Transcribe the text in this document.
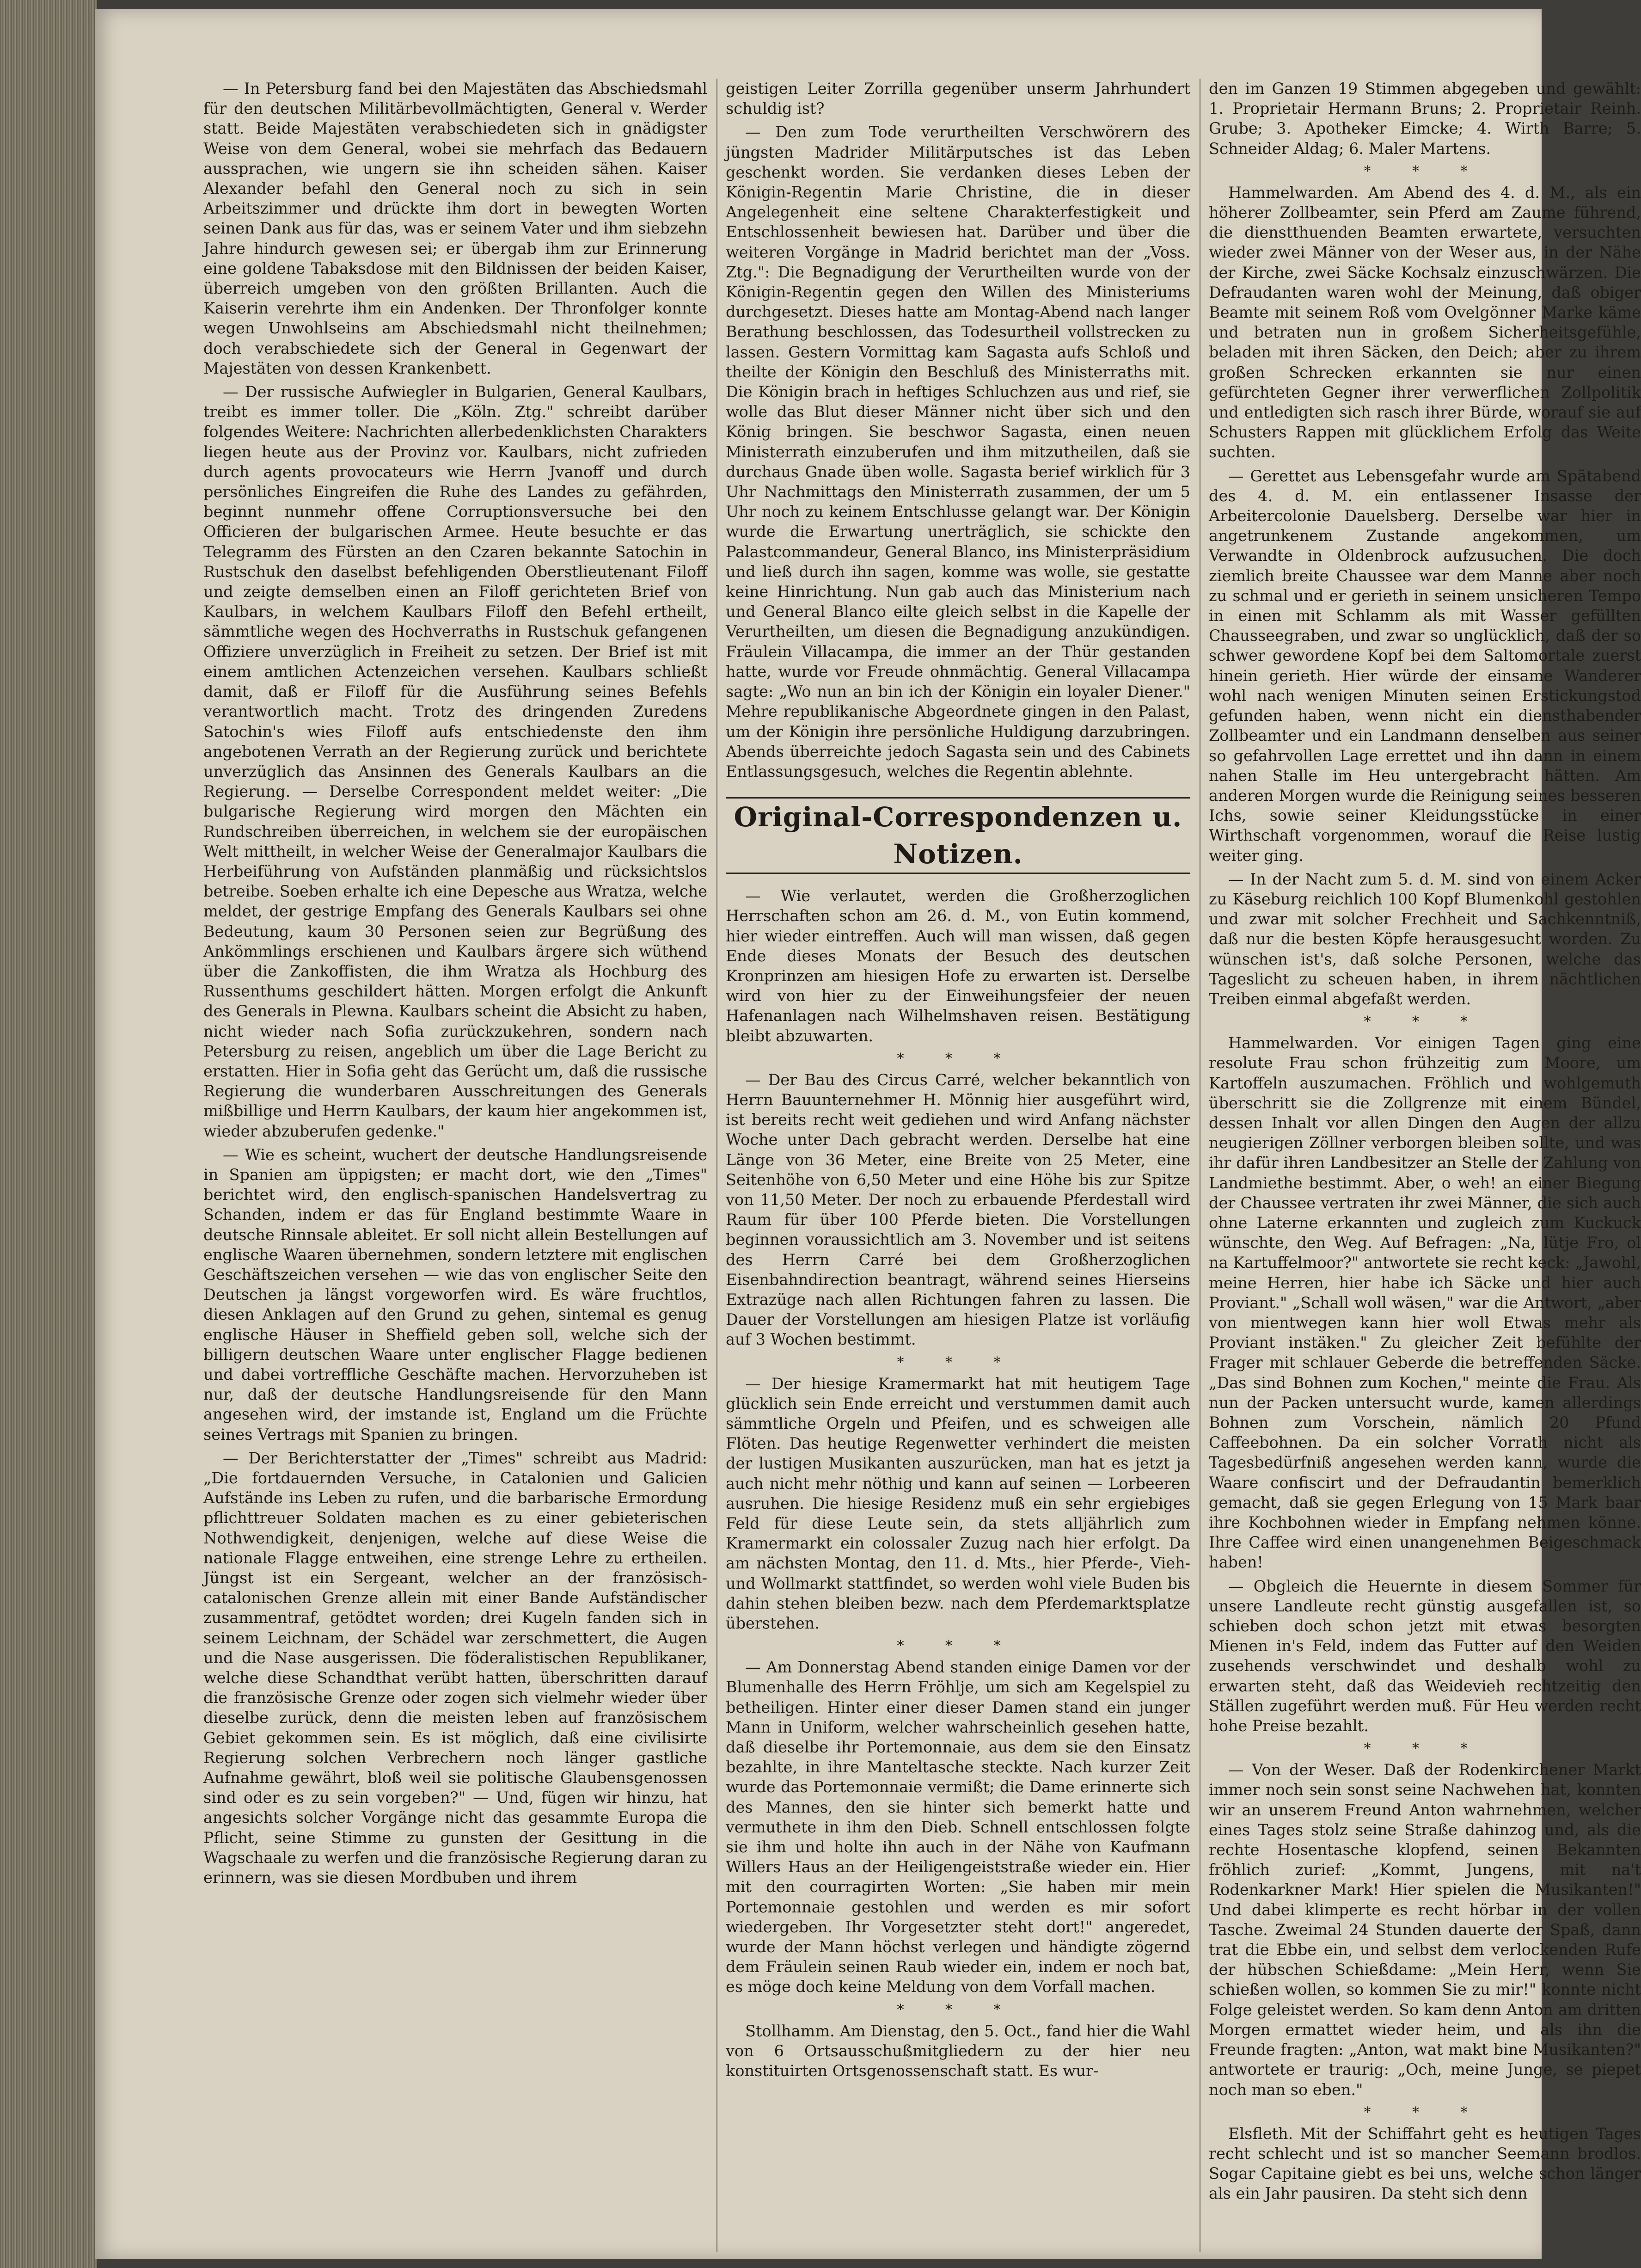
— In Petersburg fand bei den Majestäten das Abschiedsmahl für den deutschen Militärbevollmächtigten, General v. Werder statt. Beide Majestäten verabschiedeten sich in gnädigster Weise von dem General, wobei sie mehrfach das Bedauern aussprachen, wie ungern sie ihn scheiden sähen. Kaiser Alexander befahl den General noch zu sich in sein Arbeitszimmer und drückte ihm dort in bewegten Worten seinen Dank aus für das, was er seinem Vater und ihm siebzehn Jahre hindurch gewesen sei; er übergab ihm zur Erinnerung eine goldene Tabaksdose mit den Bildnissen der beiden Kaiser, überreich umgeben von den größten Brillanten. Auch die Kaiserin verehrte ihm ein Andenken. Der Thronfolger konnte wegen Unwohlseins am Abschiedsmahl nicht theilnehmen; doch verabschiedete sich der General in Gegenwart der Majestäten von dessen Krankenbett.

— Der russische Aufwiegler in Bulgarien, General Kaulbars, treibt es immer toller. Die „Köln. Ztg." schreibt darüber folgendes Weitere: Nachrichten allerbedenklichsten Charakters liegen heute aus der Provinz vor. Kaulbars, nicht zufrieden durch agents provocateurs wie Herrn Jvanoff und durch persönliches Eingreifen die Ruhe des Landes zu gefährden, beginnt nunmehr offene Corruptionsversuche bei den Officieren der bulgarischen Armee. Heute besuchte er das Telegramm des Fürsten an den Czaren bekannte Satochin in Rustschuk den daselbst befehligenden Oberstlieutenant Filoff und zeigte demselben einen an Filoff gerichteten Brief von Kaulbars, in welchem Kaulbars Filoff den Befehl ertheilt, sämmtliche wegen des Hochverraths in Rustschuk gefangenen Offiziere unverzüglich in Freiheit zu setzen. Der Brief ist mit einem amtlichen Actenzeichen versehen. Kaulbars schließt damit, daß er Filoff für die Ausführung seines Befehls verantwortlich macht. Trotz des dringenden Zuredens Satochin's wies Filoff aufs entschiedenste den ihm angebotenen Verrath an der Regierung zurück und berichtete unverzüglich das Ansinnen des Generals Kaulbars an die Regierung. — Derselbe Correspondent meldet weiter: „Die bulgarische Regierung wird morgen den Mächten ein Rundschreiben überreichen, in welchem sie der europäischen Welt mittheilt, in welcher Weise der Generalmajor Kaulbars die Herbeiführung von Aufständen planmäßig und rücksichtslos betreibe. Soeben erhalte ich eine Depesche aus Wratza, welche meldet, der gestrige Empfang des Generals Kaulbars sei ohne Bedeutung, kaum 30 Personen seien zur Begrüßung des Ankömmlings erschienen und Kaulbars ärgere sich wüthend über die Zankoffisten, die ihm Wratza als Hochburg des Russenthums geschildert hätten. Morgen erfolgt die Ankunft des Generals in Plewna. Kaulbars scheint die Absicht zu haben, nicht wieder nach Sofia zurückzukehren, sondern nach Petersburg zu reisen, angeblich um über die Lage Bericht zu erstatten. Hier in Sofia geht das Gerücht um, daß die russische Regierung die wunderbaren Ausschreitungen des Generals mißbillige und Herrn Kaulbars, der kaum hier angekommen ist, wieder abzuberufen gedenke."

— Wie es scheint, wuchert der deutsche Handlungsreisende in Spanien am üppigsten; er macht dort, wie den „Times" berichtet wird, den englisch-spanischen Handelsvertrag zu Schanden, indem er das für England bestimmte Waare in deutsche Rinnsale ableitet. Er soll nicht allein Bestellungen auf englische Waaren übernehmen, sondern letztere mit englischen Geschäftszeichen versehen — wie das von englischer Seite den Deutschen ja längst vorgeworfen wird. Es wäre fruchtlos, diesen Anklagen auf den Grund zu gehen, sintemal es genug englische Häuser in Sheffield geben soll, welche sich der billigern deutschen Waare unter englischer Flagge bedienen und dabei vortreffliche Geschäfte machen. Hervorzuheben ist nur, daß der deutsche Handlungsreisende für den Mann angesehen wird, der imstande ist, England um die Früchte seines Vertrags mit Spanien zu bringen.

— Der Berichterstatter der „Times" schreibt aus Madrid: „Die fortdauernden Versuche, in Catalonien und Galicien Aufstände ins Leben zu rufen, und die barbarische Ermordung pflichttreuer Soldaten machen es zu einer gebieterischen Nothwendigkeit, denjenigen, welche auf diese Weise die nationale Flagge entweihen, eine strenge Lehre zu ertheilen. Jüngst ist ein Sergeant, welcher an der französisch-catalonischen Grenze allein mit einer Bande Aufständischer zusammentraf, getödtet worden; drei Kugeln fanden sich in seinem Leichnam, der Schädel war zerschmettert, die Augen und die Nase ausgerissen. Die föderalistischen Republikaner, welche diese Schandthat verübt hatten, überschritten darauf die französische Grenze oder zogen sich vielmehr wieder über dieselbe zurück, denn die meisten leben auf französischem Gebiet gekommen sein. Es ist möglich, daß eine civilisirte Regierung solchen Verbrechern noch länger gastliche Aufnahme gewährt, bloß weil sie politische Glaubensgenossen sind oder es zu sein vorgeben?" — Und, fügen wir hinzu, hat angesichts solcher Vorgänge nicht das gesammte Europa die Pflicht, seine Stimme zu gunsten der Gesittung in die Wagschaale zu werfen und die französische Regierung daran zu erinnern, was sie diesen Mordbuben und ihrem

geistigen Leiter Zorrilla gegenüber unserm Jahrhundert schuldig ist?

— Den zum Tode verurtheilten Verschwörern des jüngsten Madrider Militärputsches ist das Leben geschenkt worden. Sie verdanken dieses Leben der Königin-Regentin Marie Christine, die in dieser Angelegenheit eine seltene Charakterfestigkeit und Entschlossenheit bewiesen hat. Darüber und über die weiteren Vorgänge in Madrid berichtet man der „Voss. Ztg.": Die Begnadigung der Verurtheilten wurde von der Königin-Regentin gegen den Willen des Ministeriums durchgesetzt. Dieses hatte am Montag-Abend nach langer Berathung beschlossen, das Todesurtheil vollstrecken zu lassen. Gestern Vormittag kam Sagasta aufs Schloß und theilte der Königin den Beschluß des Ministerraths mit. Die Königin brach in heftiges Schluchzen aus und rief, sie wolle das Blut dieser Männer nicht über sich und den König bringen. Sie beschwor Sagasta, einen neuen Ministerrath einzuberufen und ihm mitzutheilen, daß sie durchaus Gnade üben wolle. Sagasta berief wirklich für 3 Uhr Nachmittags den Ministerrath zusammen, der um 5 Uhr noch zu keinem Entschlusse gelangt war. Der Königin wurde die Erwartung unerträglich, sie schickte den Palastcommandeur, General Blanco, ins Ministerpräsidium und ließ durch ihn sagen, komme was wolle, sie gestatte keine Hinrichtung. Nun gab auch das Ministerium nach und General Blanco eilte gleich selbst in die Kapelle der Verurtheilten, um diesen die Begnadigung anzukündigen. Fräulein Villacampa, die immer an der Thür gestanden hatte, wurde vor Freude ohnmächtig. General Villacampa sagte: „Wo nun an bin ich der Königin ein loyaler Diener." Mehre republikanische Abgeordnete gingen in den Palast, um der Königin ihre persönliche Huldigung darzubringen. Abends überreichte jedoch Sagasta sein und des Cabinets Entlassungsgesuch, welches die Regentin ablehnte.

Original-Correspondenzen u. Notizen.

— Wie verlautet, werden die Großherzoglichen Herrschaften schon am 26. d. M., von Eutin kommend, hier wieder eintreffen. Auch will man wissen, daß gegen Ende dieses Monats der Besuch des deutschen Kronprinzen am hiesigen Hofe zu erwarten ist. Derselbe wird von hier zu der Einweihungsfeier der neuen Hafenanlagen nach Wilhelmshaven reisen. Bestätigung bleibt abzuwarten.

* * *

— Der Bau des Circus Carré, welcher bekanntlich von Herrn Bauunternehmer H. Mönnig hier ausgeführt wird, ist bereits recht weit gediehen und wird Anfang nächster Woche unter Dach gebracht werden. Derselbe hat eine Länge von 36 Meter, eine Breite von 25 Meter, eine Seitenhöhe von 6,50 Meter und eine Höhe bis zur Spitze von 11,50 Meter. Der noch zu erbauende Pferdestall wird Raum für über 100 Pferde bieten. Die Vorstellungen beginnen voraussichtlich am 3. November und ist seitens des Herrn Carré bei dem Großherzoglichen Eisenbahndirection beantragt, während seines Hierseins Extrazüge nach allen Richtungen fahren zu lassen. Die Dauer der Vorstellungen am hiesigen Platze ist vorläufig auf 3 Wochen bestimmt.

* * *

— Der hiesige Kramermarkt hat mit heutigem Tage glücklich sein Ende erreicht und verstummen damit auch sämmtliche Orgeln und Pfeifen, und es schweigen alle Flöten. Das heutige Regenwetter verhindert die meisten der lustigen Musikanten auszurücken, man hat es jetzt ja auch nicht mehr nöthig und kann auf seinen — Lorbeeren ausruhen. Die hiesige Residenz muß ein sehr ergiebiges Feld für diese Leute sein, da stets alljährlich zum Kramermarkt ein colossaler Zuzug nach hier erfolgt. Da am nächsten Montag, den 11. d. Mts., hier Pferde-, Vieh- und Wollmarkt stattfindet, so werden wohl viele Buden bis dahin stehen bleiben bezw. nach dem Pferdemarktsplatze überstehen.

* * *

— Am Donnerstag Abend standen einige Damen vor der Blumenhalle des Herrn Fröhlje, um sich am Kegelspiel zu betheiligen. Hinter einer dieser Damen stand ein junger Mann in Uniform, welcher wahrscheinlich gesehen hatte, daß dieselbe ihr Portemonnaie, aus dem sie den Einsatz bezahlte, in ihre Manteltasche steckte. Nach kurzer Zeit wurde das Portemonnaie vermißt; die Dame erinnerte sich des Mannes, den sie hinter sich bemerkt hatte und vermuthete in ihm den Dieb. Schnell entschlossen folgte sie ihm und holte ihn auch in der Nähe von Kaufmann Willers Haus an der Heiligengeiststraße wieder ein. Hier mit den courragirten Worten: „Sie haben mir mein Portemonnaie gestohlen und werden es mir sofort wiedergeben. Ihr Vorgesetzter steht dort!" angeredet, wurde der Mann höchst verlegen und händigte zögernd dem Fräulein seinen Raub wieder ein, indem er noch bat, es möge doch keine Meldung von dem Vorfall machen.

* * *

Stollhamm. Am Dienstag, den 5. Oct., fand hier die Wahl von 6 Ortsausschußmitgliedern zu der hier neu konstituirten Ortsgenossenschaft statt. Es wur-

den im Ganzen 19 Stimmen abgegeben und gewählt: 1. Proprietair Hermann Bruns; 2. Proprietair Reinh. Grube; 3. Apotheker Eimcke; 4. Wirth Barre; 5. Schneider Aldag; 6. Maler Martens.

* * *

Hammelwarden. Am Abend des 4. d. M., als ein höherer Zollbeamter, sein Pferd am Zaume führend, die dienstthuenden Beamten erwartete, versuchten wieder zwei Männer von der Weser aus, in der Nähe der Kirche, zwei Säcke Kochsalz einzuschwärzen. Die Defraudanten waren wohl der Meinung, daß obiger Beamte mit seinem Roß vom Ovelgönner Marke käme und betraten nun in großem Sicherheitsgefühle, beladen mit ihren Säcken, den Deich; aber zu ihrem großen Schrecken erkannten sie nur einen gefürchteten Gegner ihrer verwerflichen Zollpolitik und entledigten sich rasch ihrer Bürde, worauf sie auf Schusters Rappen mit glücklichem Erfolg das Weite suchten.

— Gerettet aus Lebensgefahr wurde am Spätabend des 4. d. M. ein entlassener Insasse der Arbeitercolonie Dauelsberg. Derselbe war hier in angetrunkenem Zustande angekommen, um Verwandte in Oldenbrock aufzusuchen. Die doch ziemlich breite Chaussee war dem Manne aber noch zu schmal und er gerieth in seinem unsicheren Tempo in einen mit Schlamm als mit Wasser gefüllten Chausseegraben, und zwar so unglücklich, daß der so schwer gewordene Kopf bei dem Saltomortale zuerst hinein gerieth. Hier würde der einsame Wanderer wohl nach wenigen Minuten seinen Erstickungstod gefunden haben, wenn nicht ein diensthabender Zollbeamter und ein Landmann denselben aus seiner so gefahrvollen Lage errettet und ihn dann in einem nahen Stalle im Heu untergebracht hätten. Am anderen Morgen wurde die Reinigung seines besseren Ichs, sowie seiner Kleidungsstücke in einer Wirthschaft vorgenommen, worauf die Reise lustig weiter ging.

— In der Nacht zum 5. d. M. sind von einem Acker zu Käseburg reichlich 100 Kopf Blumenkohl gestohlen und zwar mit solcher Frechheit und Sachkenntniß, daß nur die besten Köpfe herausgesucht worden. Zu wünschen ist's, daß solche Personen, welche das Tageslicht zu scheuen haben, in ihrem nächtlichen Treiben einmal abgefaßt werden.

* * *

Hammelwarden. Vor einigen Tagen ging eine resolute Frau schon frühzeitig zum Moore, um Kartoffeln auszumachen. Fröhlich und wohlgemuth überschritt sie die Zollgrenze mit einem Bündel, dessen Inhalt vor allen Dingen den Augen der allzu neugierigen Zöllner verborgen bleiben sollte, und was ihr dafür ihren Landbesitzer an Stelle der Zahlung von Landmiethe bestimmt. Aber, o weh! an einer Biegung der Chaussee vertraten ihr zwei Männer, die sich auch ohne Laterne erkannten und zugleich zum Kuckuck wünschte, den Weg. Auf Befragen: „Na, lütje Fro, ol na Kartuffelmoor?" antwortete sie recht keck: „Jawohl, meine Herren, hier habe ich Säcke und hier auch Proviant." „Schall woll wäsen," war die Antwort, „aber von mientwegen kann hier woll Etwas mehr als Proviant instäken." Zu gleicher Zeit befühlte der Frager mit schlauer Geberde die betreffenden Säcke. „Das sind Bohnen zum Kochen," meinte die Frau. Als nun der Packen untersucht wurde, kamen allerdings Bohnen zum Vorschein, nämlich 20 Pfund Caffeebohnen. Da ein solcher Vorrath nicht als Tagesbedürfniß angesehen werden kann, wurde die Waare confiscirt und der Defraudantin bemerklich gemacht, daß sie gegen Erlegung von 15 Mark baar ihre Kochbohnen wieder in Empfang nehmen könne. Ihre Caffee wird einen unangenehmen Beigeschmack haben!

— Obgleich die Heuernte in diesem Sommer für unsere Landleute recht günstig ausgefallen ist, so schieben doch schon jetzt mit etwas besorgten Mienen in's Feld, indem das Futter auf den Weiden zusehends verschwindet und deshalb wohl zu erwarten steht, daß das Weidevieh rechtzeitig den Ställen zugeführt werden muß. Für Heu werden recht hohe Preise bezahlt.

* * *

— Von der Weser. Daß der Rodenkirchener Markt immer noch sein sonst seine Nachwehen hat, konnten wir an unserem Freund Anton wahrnehmen, welcher eines Tages stolz seine Straße dahinzog und, als die rechte Hosentasche klopfend, seinen Bekannten fröhlich zurief: „Kommt, Jungens, mit na't Rodenkarkner Mark! Hier spielen die Musikanten!" Und dabei klimperte es recht hörbar in der vollen Tasche. Zweimal 24 Stunden dauerte der Spaß, dann trat die Ebbe ein, und selbst dem verlockenden Rufe der hübschen Schießdame: „Mein Herr, wenn Sie schießen wollen, so kommen Sie zu mir!" konnte nicht Folge geleistet werden. So kam denn Anton am dritten Morgen ermattet wieder heim, und als ihn die Freunde fragten: „Anton, wat makt bine Musikanten?" antwortete er traurig: „Och, meine Junge, se piepet noch man so eben."

* * *

Elsfleth. Mit der Schiffahrt geht es heutigen Tages recht schlecht und ist so mancher Seemann brodlos. Sogar Capitaine giebt es bei uns, welche schon länger als ein Jahr pausiren. Da steht sich denn
